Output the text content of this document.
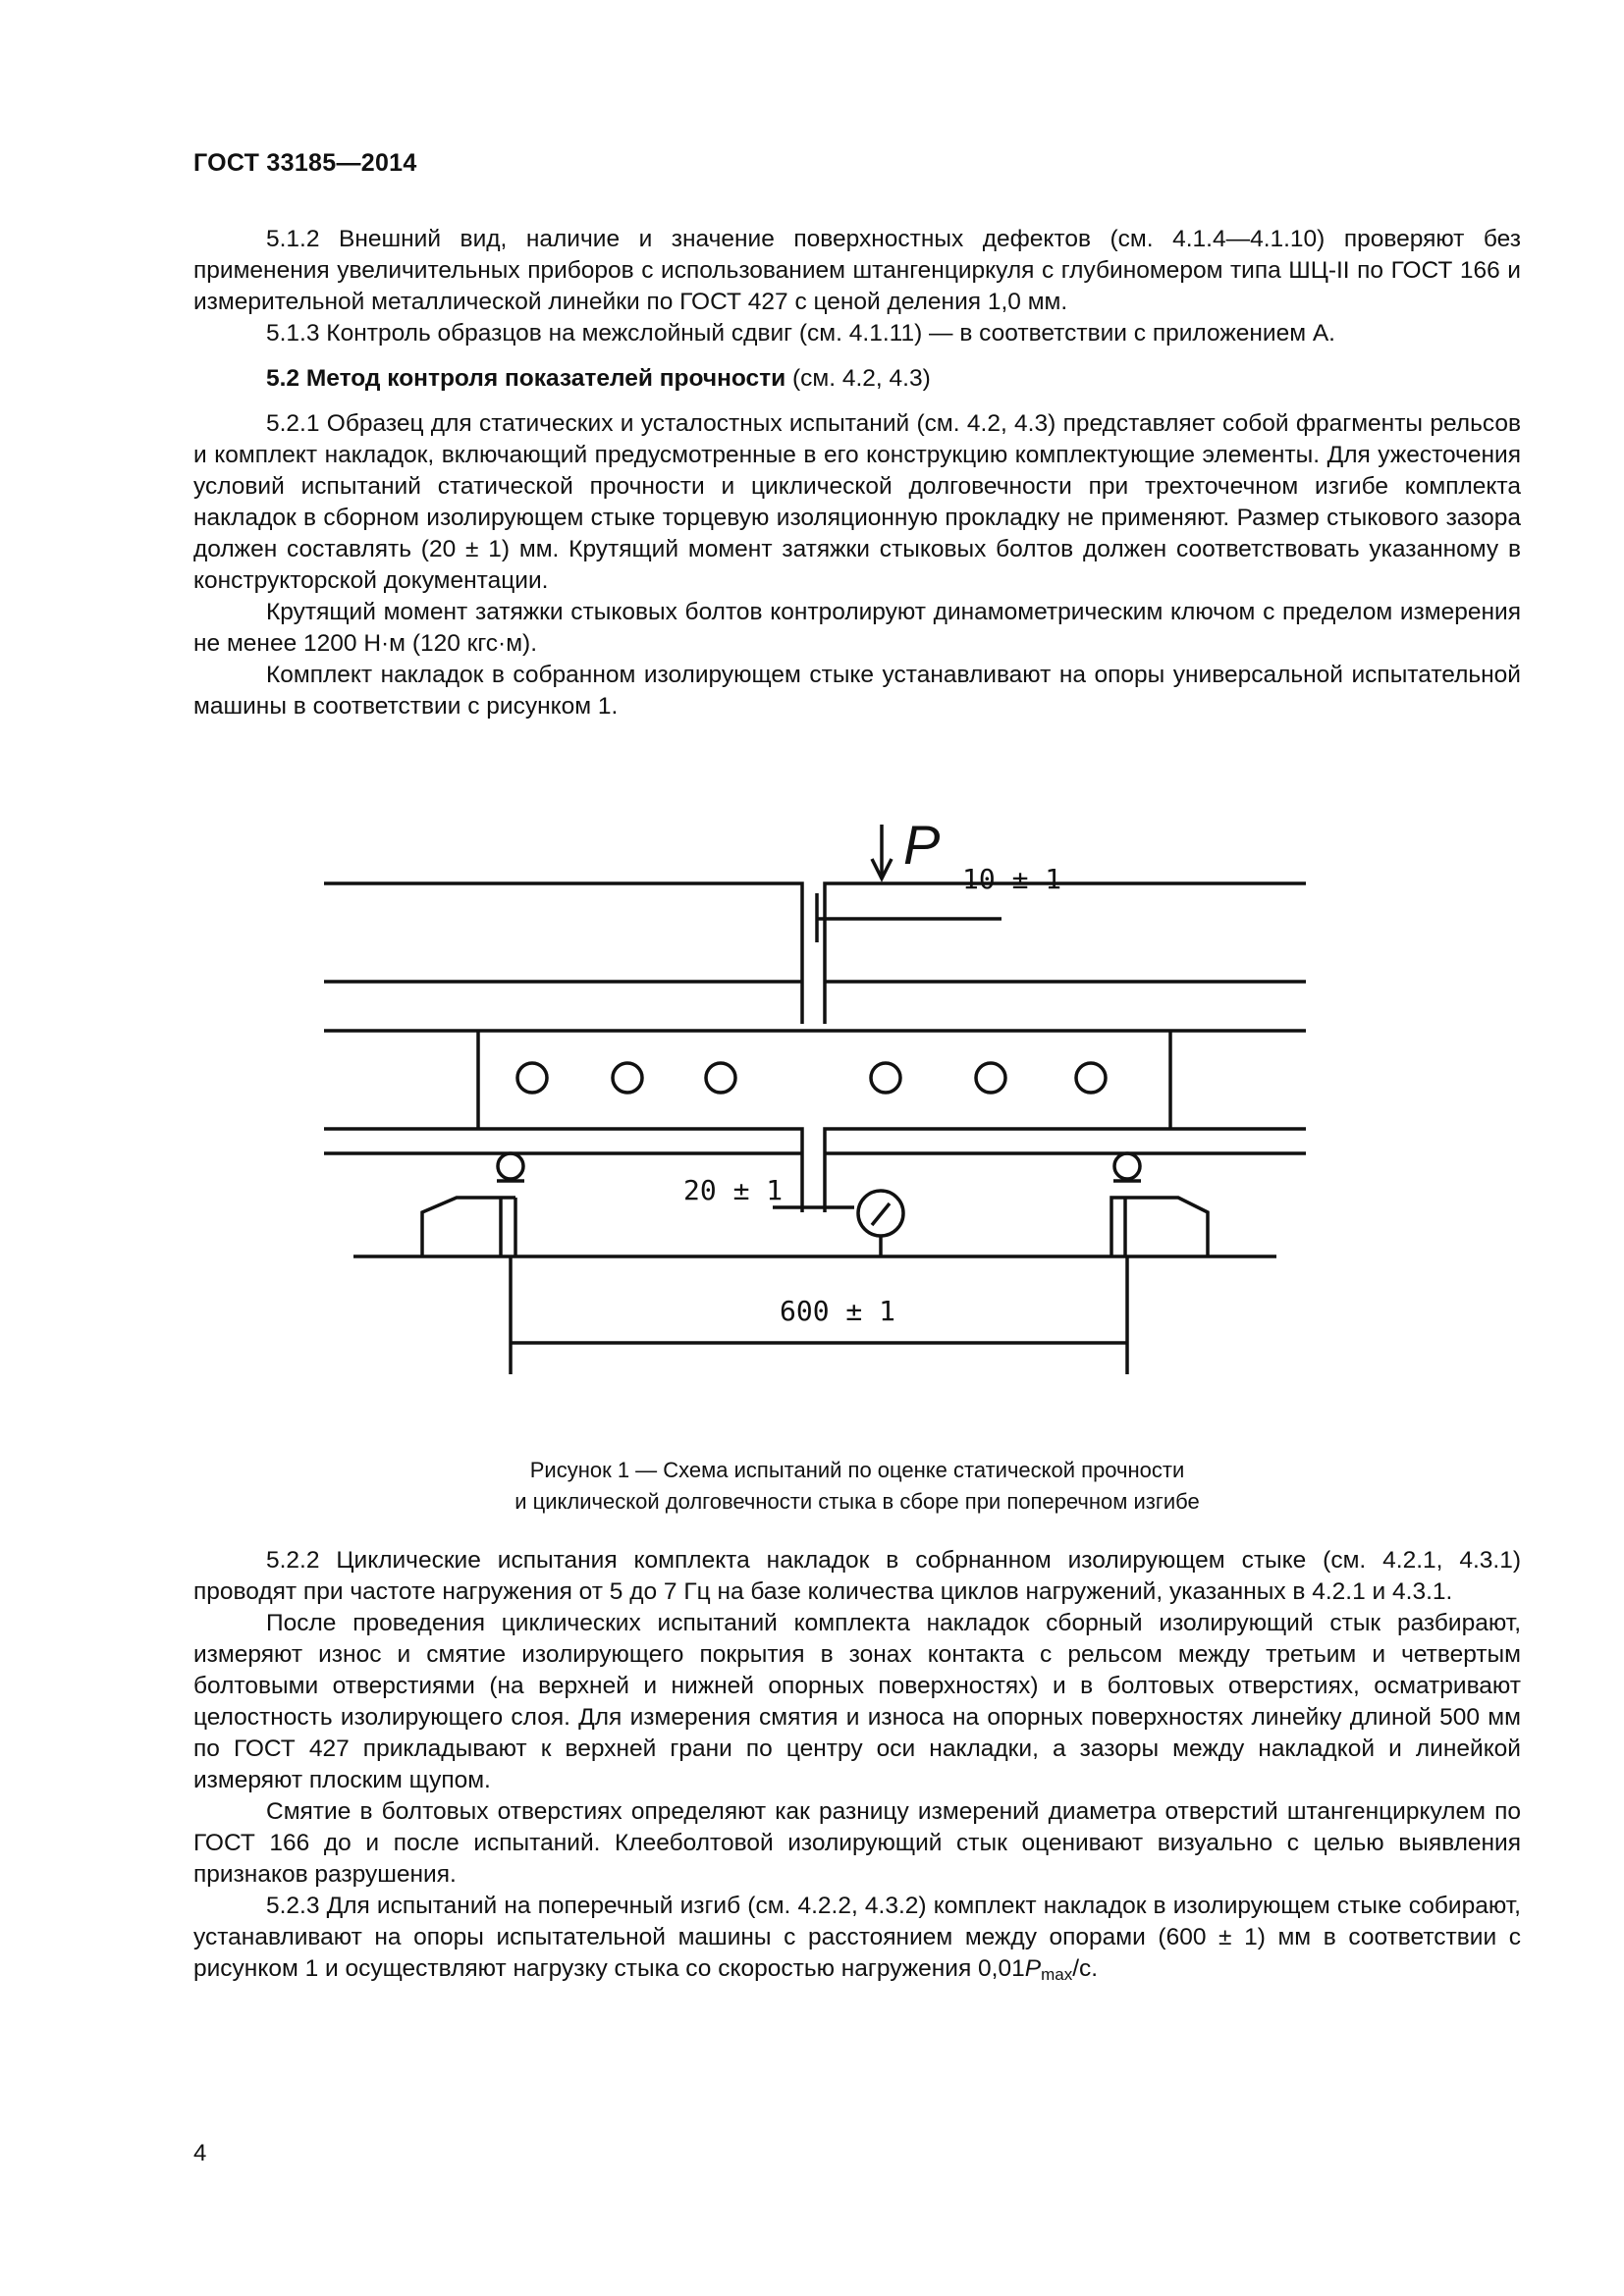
ГОСТ 33185—2014

5.1.2 Внешний вид, наличие и значение поверхностных дефектов (см. 4.1.4—4.1.10) проверяют без применения увеличительных приборов с использованием штангенциркуля с глубиномером типа ШЦ-II по ГОСТ 166 и измерительной металлической линейки по ГОСТ 427 с ценой деления 1,0 мм.

5.1.3 Контроль образцов на межслойный сдвиг (см. 4.1.11) — в соответствии с приложением А.

5.2 Метод контроля показателей прочности (см. 4.2, 4.3)

5.2.1 Образец для статических и усталостных испытаний (см. 4.2, 4.3) представляет собой фрагменты рельсов и комплект накладок, включающий предусмотренные в его конструкцию комплектующие элементы. Для ужесточения условий испытаний статической прочности и циклической долговечности при трехточечном изгибе комплекта накладок в сборном изолирующем стыке торцевую изоляционную прокладку не применяют. Размер стыкового зазора должен составлять (20 ± 1) мм. Крутящий момент затяжки стыковых болтов должен соответствовать указанному в конструкторской документации.

Крутящий момент затяжки стыковых болтов контролируют динамометрическим ключом с пределом измерения не менее 1200 Н·м (120 кгс·м).

Комплект накладок в собранном изолирующем стыке устанавливают на опоры универсальной испытательной машины в соответствии с рисунком 1.

P
10 ± 1
20 ± 1
600 ± 1
Рисунок 1 — Схема испытаний по оценке статической прочности
и циклической долговечности стыка в сборе при поперечном изгибе

5.2.2 Циклические испытания комплекта накладок в собрнанном изолирующем стыке (см. 4.2.1, 4.3.1) проводят при частоте нагружения от 5 до 7 Гц на базе количества циклов нагружений, указанных в 4.2.1 и 4.3.1.

После проведения циклических испытаний комплекта накладок сборный изолирующий стык разбирают, измеряют износ и смятие изолирующего покрытия в зонах контакта с рельсом между третьим и четвертым болтовыми отверстиями (на верхней и нижней опорных поверхностях) и в болтовых отверстиях, осматривают целостность изолирующего слоя. Для измерения смятия и износа на опорных поверхностях линейку длиной 500 мм по ГОСТ 427 прикладывают к верхней грани по центру оси накладки, а зазоры между накладкой и линейкой измеряют плоским щупом.

Смятие в болтовых отверстиях определяют как разницу измерений диаметра отверстий штангенциркулем по ГОСТ 166 до и после испытаний. Клееболтовой изолирующий стык оценивают визуально с целью выявления признаков разрушения.

5.2.3 Для испытаний на поперечный изгиб (см. 4.2.2, 4.3.2) комплект накладок в изолирующем стыке собирают, устанавливают на опоры испытательной машины с расстоянием между опорами (600 ± 1) мм в соответствии с рисунком 1 и осуществляют нагрузку стыка со скоростью нагружения $0,01P_{max}/с$.

4
